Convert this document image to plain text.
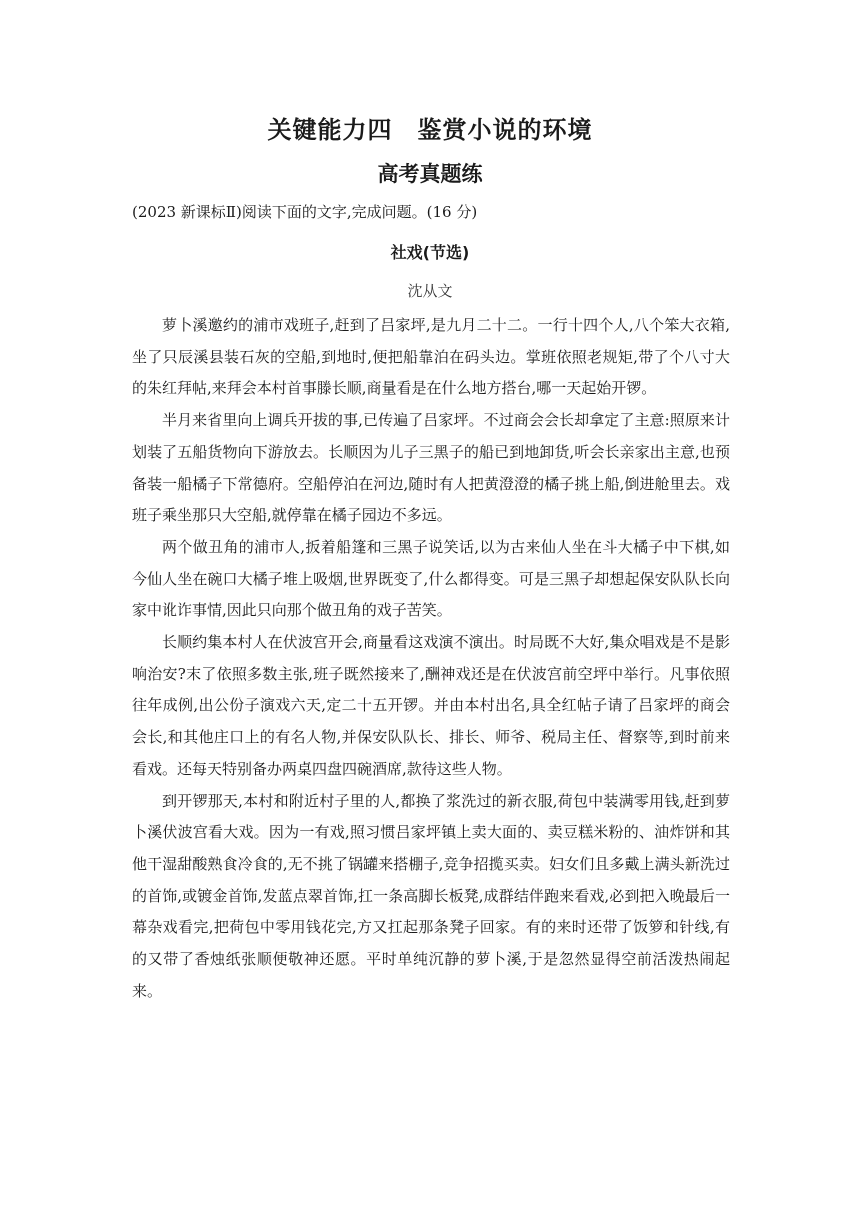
关键能力四　鉴赏小说的环境
高考真题练
(2023 新课标Ⅱ)阅读下面的文字,完成问题。(16 分)
社戏(节选)
沈从文

萝卜溪邀约的浦市戏班子,赶到了吕家坪,是九月二十二。一行十四个人,八个笨大衣箱,坐了只辰溪县装石灰的空船,到地时,便把船靠泊在码头边。掌班依照老规矩,带了个八寸大的朱红拜帖,来拜会本村首事滕长顺,商量看是在什么地方搭台,哪一天起始开锣。

半月来省里向上调兵开拔的事,已传遍了吕家坪。不过商会会长却拿定了主意:照原来计划装了五船货物向下游放去。长顺因为儿子三黑子的船已到地卸货,听会长亲家出主意,也预备装一船橘子下常德府。空船停泊在河边,随时有人把黄澄澄的橘子挑上船,倒进舱里去。戏班子乘坐那只大空船,就停靠在橘子园边不多远。

两个做丑角的浦市人,扳着船篷和三黑子说笑话,以为古来仙人坐在斗大橘子中下棋,如今仙人坐在碗口大橘子堆上吸烟,世界既变了,什么都得变。可是三黑子却想起保安队队长向家中讹诈事情,因此只向那个做丑角的戏子苦笑。

长顺约集本村人在伏波宫开会,商量看这戏演不演出。时局既不大好,集众唱戏是不是影响治安?末了依照多数主张,班子既然接来了,酬神戏还是在伏波宫前空坪中举行。凡事依照往年成例,出公份子演戏六天,定二十五开锣。并由本村出名,具全红帖子请了吕家坪的商会会长,和其他庄口上的有名人物,并保安队队长、排长、师爷、税局主任、督察等,到时前来看戏。还每天特别备办两桌四盘四碗酒席,款待这些人物。

到开锣那天,本村和附近村子里的人,都换了浆洗过的新衣服,荷包中装满零用钱,赶到萝卜溪伏波宫看大戏。因为一有戏,照习惯吕家坪镇上卖大面的、卖豆糕米粉的、油炸饼和其他干湿甜酸熟食冷食的,无不挑了锅罐来搭棚子,竞争招揽买卖。妇女们且多戴上满头新洗过的首饰,或镀金首饰,发蓝点翠首饰,扛一条高脚长板凳,成群结伴跑来看戏,必到把入晚最后一幕杂戏看完,把荷包中零用钱花完,方又扛起那条凳子回家。有的来时还带了饭箩和针线,有的又带了香烛纸张顺便敬神还愿。平时单纯沉静的萝卜溪,于是忽然显得空前活泼热闹起来。
